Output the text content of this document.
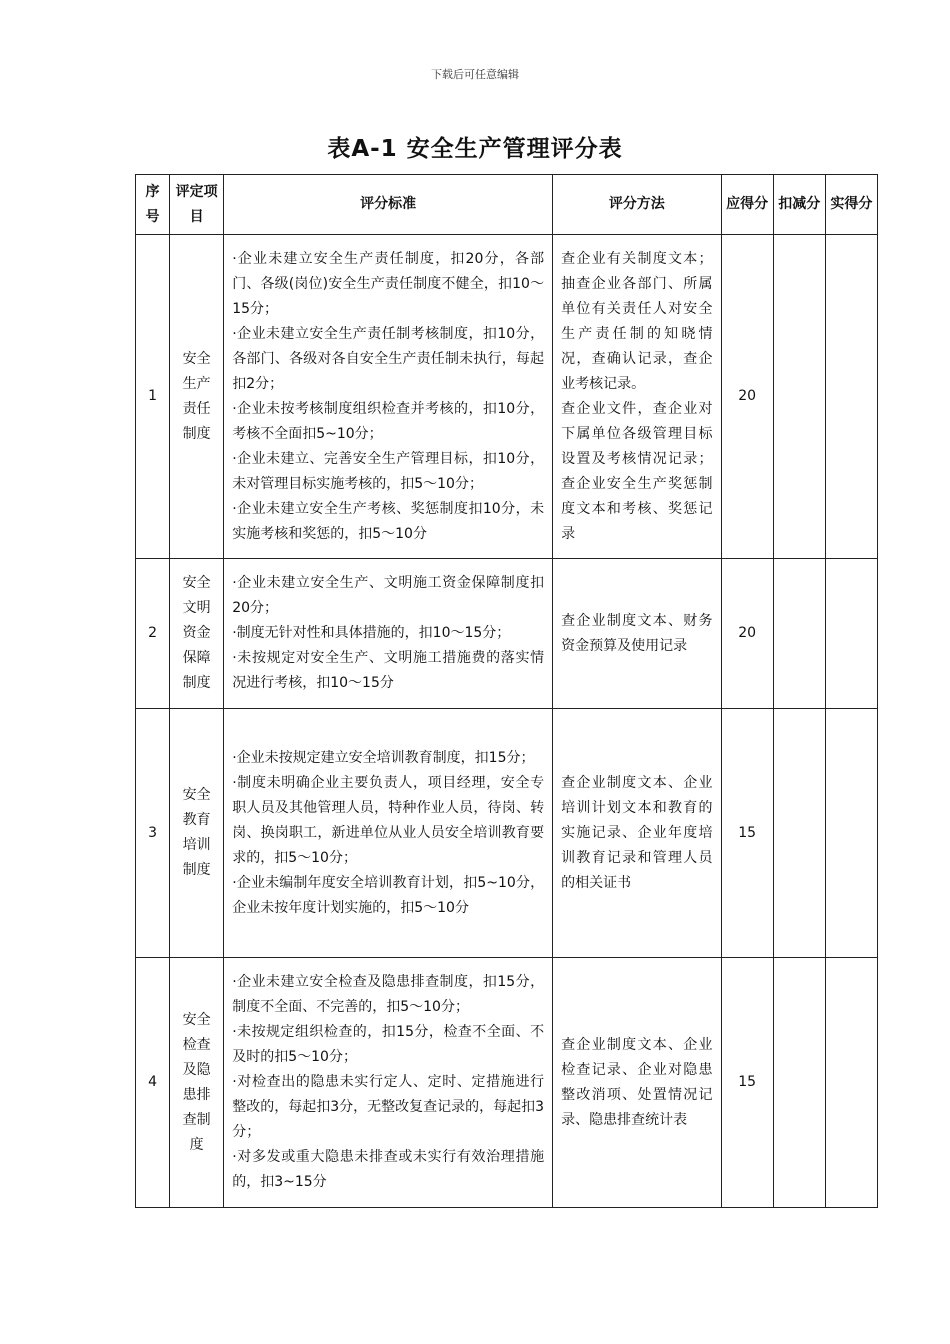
下载后可任意编辑
表A-1 安全生产管理评分表
序号	评定项目	评分标准	评分方法	应得分	扣减分	实得分
1	安全生产责任制度	·企业未建立安全生产责任制度，扣20分，各部门、各级(岗位)安全生产责任制度不健全，扣10～15分；
·企业未建立安全生产责任制考核制度，扣10分，各部门、各级对各自安全生产责任制未执行，每起扣2分；
·企业未按考核制度组织检查并考核的，扣10分，考核不全面扣5~10分；
·企业未建立、完善安全生产管理目标，扣10分，未对管理目标实施考核的，扣5～10分；
·企业未建立安全生产考核、奖惩制度扣10分，未实施考核和奖惩的，扣5～10分	查企业有关制度文本；抽查企业各部门、所属单位有关责任人对安全生产责任制的知晓情况，查确认记录，查企业考核记录。
查企业文件，查企业对下属单位各级管理目标设置及考核情况记录；查企业安全生产奖惩制度文本和考核、奖惩记录	20		
2	安全文明资金保障制度	·企业未建立安全生产、文明施工资金保障制度扣20分；
·制度无针对性和具体措施的，扣10～15分；
·未按规定对安全生产、文明施工措施费的落实情况进行考核，扣10～15分	查企业制度文本、财务资金预算及使用记录	20		
3	安全教育培训制度	·企业未按规定建立安全培训教育制度，扣15分；
·制度未明确企业主要负责人，项目经理，安全专职人员及其他管理人员，特种作业人员，待岗、转岗、换岗职工，新进单位从业人员安全培训教育要求的，扣5～10分；
·企业未编制年度安全培训教育计划，扣5~10分，企业未按年度计划实施的，扣5～10分	查企业制度文本、企业培训计划文本和教育的实施记录、企业年度培训教育记录和管理人员的相关证书	15		
4	安全检查及隐患排查制度	·企业未建立安全检查及隐患排查制度，扣15分，制度不全面、不完善的，扣5～10分；
·未按规定组织检查的，扣15分，检查不全面、不及时的扣5～10分；
·对检查出的隐患未实行定人、定时、定措施进行整改的，每起扣3分，无整改复查记录的，每起扣3分；
·对多发或重大隐患未排查或未实行有效治理措施的，扣3~15分	查企业制度文本、企业检查记录、企业对隐患整改消项、处置情况记录、隐患排查统计表	15		
